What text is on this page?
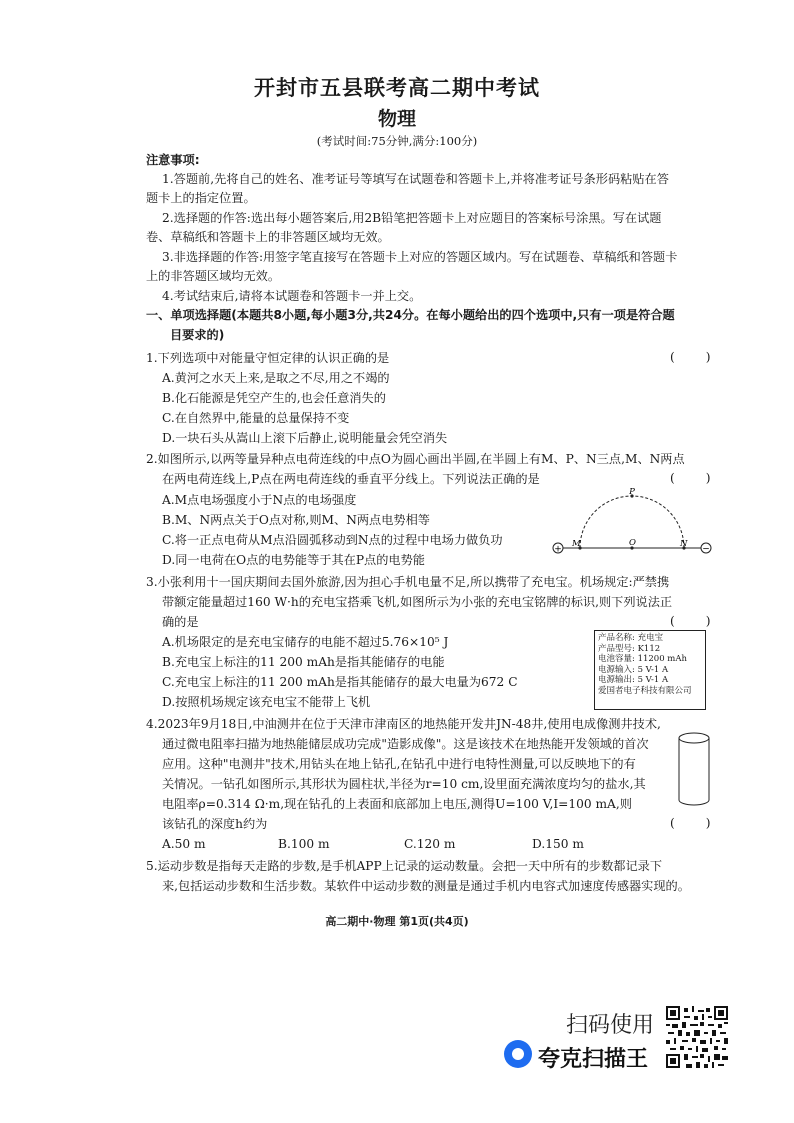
开封市五县联考高二期中考试
物理
(考试时间:75分钟,满分:100分)
注意事项:
1.答题前,先将自己的姓名、准考证号等填写在试题卷和答题卡上,并将准考证号条形码粘贴在答
题卡上的指定位置。
2.选择题的作答:选出每小题答案后,用2B铅笔把答题卡上对应题目的答案标号涂黑。写在试题
卷、草稿纸和答题卡上的非答题区域均无效。
3.非选择题的作答:用签字笔直接写在答题卡上对应的答题区域内。写在试题卷、草稿纸和答题卡
上的非答题区域均无效。
4.考试结束后,请将本试题卷和答题卡一并上交。
一、单项选择题(本题共8小题,每小题3分,共24分。在每小题给出的四个选项中,只有一项是符合题
目要求的)
1.下列选项中对能量守恒定律的认识正确的是	(        )
A.黄河之水天上来,是取之不尽,用之不竭的
B.化石能源是凭空产生的,也会任意消失的
C.在自然界中,能量的总量保持不变
D.一块石头从嵩山上滚下后静止,说明能量会凭空消失
2.如图所示,以两等量异种点电荷连线的中点O为圆心画出半圆,在半圆上有M、P、N三点,M、N两点
在两电荷连线上,P点在两电荷连线的垂直平分线上。下列说法正确的是	(        )
A.M点电场强度小于N点的电场强度
B.M、N两点关于O点对称,则M、N两点电势相等
C.将一正点电荷从M点沿圆弧移动到N点的过程中电场力做负功
D.同一电荷在O点的电势能等于其在P点的电势能
+	−
P
M	O	N
3.小张利用十一国庆期间去国外旅游,因为担心手机电量不足,所以携带了充电宝。机场规定:严禁携
带额定能量超过160 W·h的充电宝搭乘飞机,如图所示为小张的充电宝铭牌的标识,则下列说法正
确的是	(        )
A.机场限定的是充电宝储存的电能不超过5.76×10⁵ J
B.充电宝上标注的11 200 mAh是指其能储存的电能
C.充电宝上标注的11 200 mAh是指其能储存的最大电量为672 C
D.按照机场规定该充电宝不能带上飞机
产品名称: 充电宝
产品型号: K112
电池容量: 11200 mAh
电源输入: 5 V-1 A
电源输出: 5 V-1 A
爱国者电子科技有限公司
4.2023年9月18日,中油测井在位于天津市津南区的地热能开发井JN-48井,使用电成像测井技术,
通过微电阻率扫描为地热能储层成功完成"造影成像"。这是该技术在地热能开发领域的首次
应用。这种"电测井"技术,用钻头在地上钻孔,在钻孔中进行电特性测量,可以反映地下的有
关情况。一钻孔如图所示,其形状为圆柱状,半径为r=10 cm,设里面充满浓度均匀的盐水,其
电阻率ρ=0.314 Ω·m,现在钻孔的上表面和底部加上电压,测得U=100 V,I=100 mA,则
该钻孔的深度h约为	(        )
A.50 m	B.100 m	C.120 m	D.150 m
5.运动步数是指每天走路的步数,是手机APP上记录的运动数量。会把一天中所有的步数都记录下
来,包括运动步数和生活步数。某软件中运动步数的测量是通过手机内电容式加速度传感器实现的。
高二期中·物理 第1页(共4页)
扫码使用
夸克扫描王
